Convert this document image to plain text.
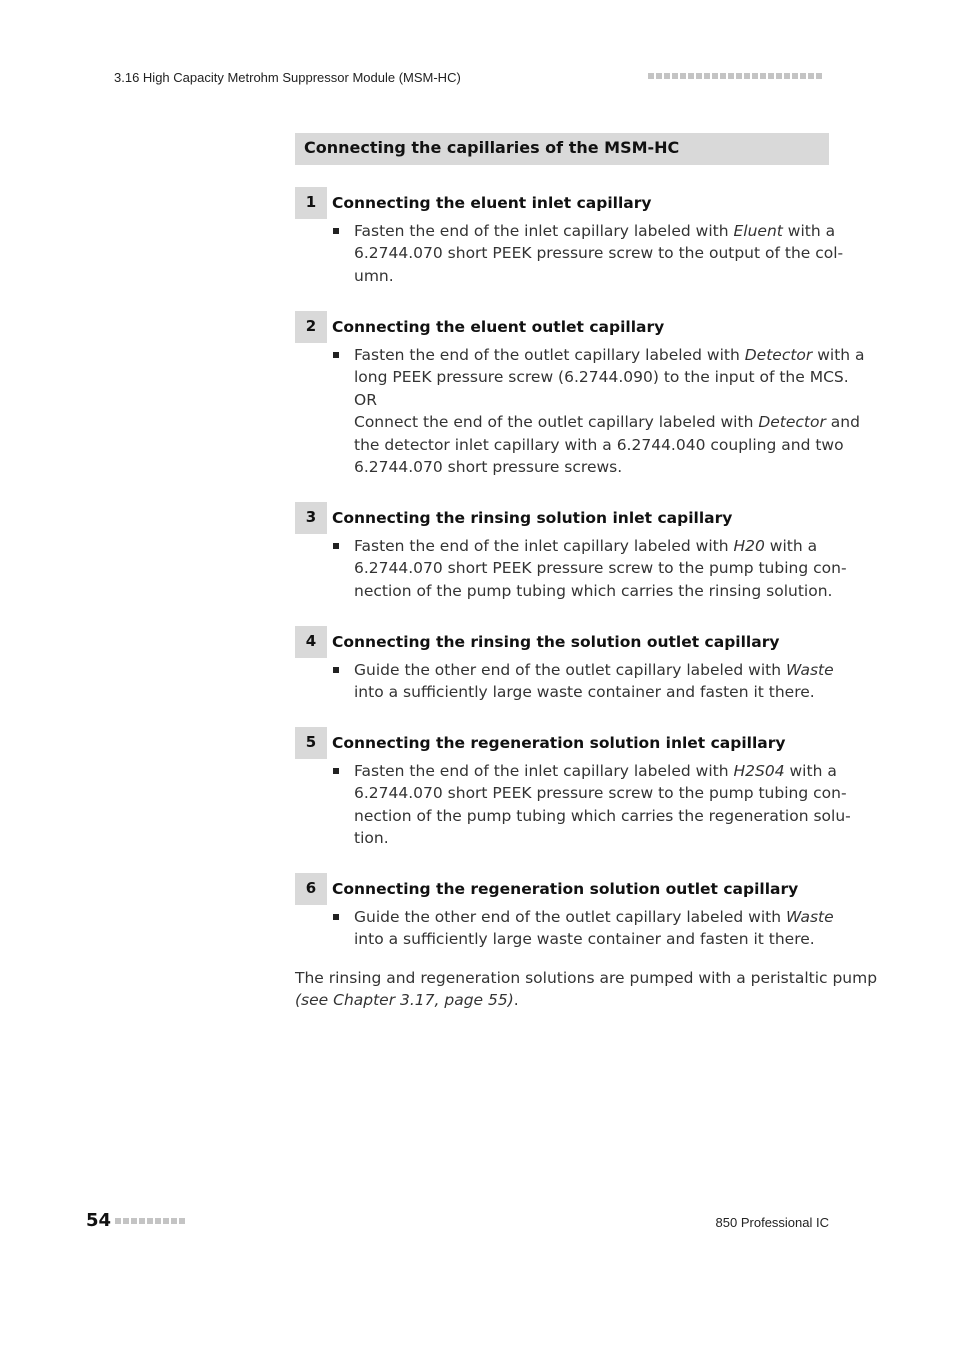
3.16 High Capacity Metrohm Suppressor Module (MSM-HC)
Connecting the capillaries of the MSM-HC
1	Connecting the eluent inlet capillary
Fasten the end of the inlet capillary labeled with Eluent with a
6.2744.070 short PEEK pressure screw to the output of the col-
umn.
2	Connecting the eluent outlet capillary
Fasten the end of the outlet capillary labeled with Detector with a
long PEEK pressure screw (6.2744.090) to the input of the MCS.
OR
Connect the end of the outlet capillary labeled with Detector and
the detector inlet capillary with a 6.2744.040 coupling and two
6.2744.070 short pressure screws.
3	Connecting the rinsing solution inlet capillary
Fasten the end of the inlet capillary labeled with H20 with a
6.2744.070 short PEEK pressure screw to the pump tubing con-
nection of the pump tubing which carries the rinsing solution.
4	Connecting the rinsing the solution outlet capillary
Guide the other end of the outlet capillary labeled with Waste
into a sufficiently large waste container and fasten it there.
5	Connecting the regeneration solution inlet capillary
Fasten the end of the inlet capillary labeled with H2S04 with a
6.2744.070 short PEEK pressure screw to the pump tubing con-
nection of the pump tubing which carries the regeneration solu-
tion.
6	Connecting the regeneration solution outlet capillary
Guide the other end of the outlet capillary labeled with Waste
into a sufficiently large waste container and fasten it there.
The rinsing and regeneration solutions are pumped with a peristaltic pump
(see Chapter 3.17, page 55).
54	850 Professional IC
